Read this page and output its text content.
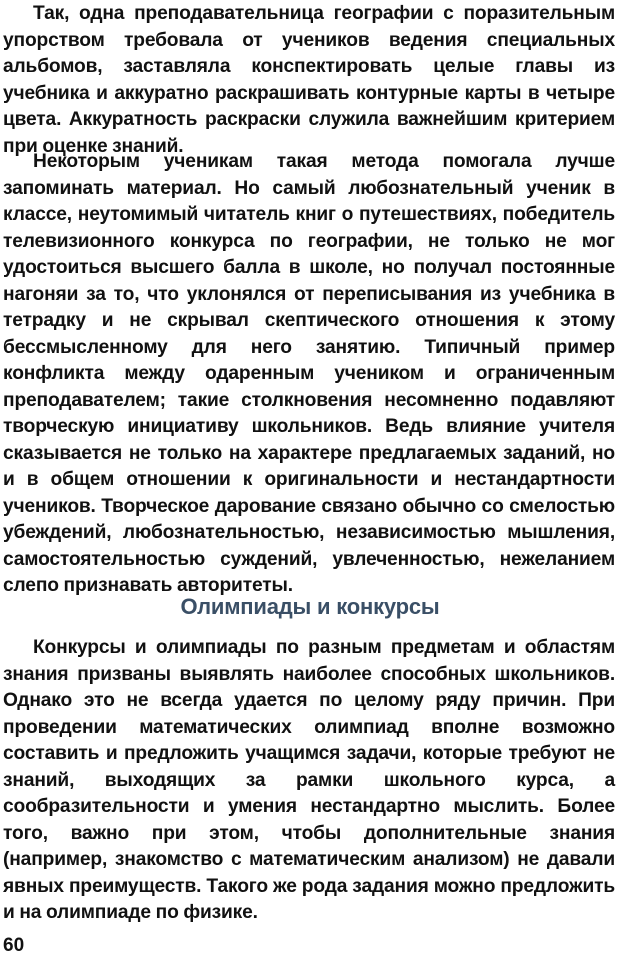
Так, одна преподавательница географии с поразительным упорством требовала от учеников ведения специальных альбомов, заставляла конспектировать целые главы из учебника и аккуратно раскрашивать контурные карты в четыре цвета. Аккуратность раскраски служила важнейшим критерием при оценке знаний.

Некоторым ученикам такая метода помогала лучше запоминать материал. Но самый любознательный ученик в классе, неутомимый читатель книг о путешествиях, победитель телевизионного конкурса по географии, не только не мог удостоиться высшего балла в школе, но получал постоянные нагоняи за то, что уклонялся от переписывания из учебника в тетрадку и не скрывал скептического отношения к этому бессмысленному для него занятию. Типичный пример конфликта между одаренным учеником и ограниченным преподавателем; такие столкновения несомненно подавляют творческую инициативу школьников. Ведь влияние учителя сказывается не только на характере предлагаемых заданий, но и в общем отношении к оригинальности и нестандартности учеников. Творческое дарование связано обычно со смелостью убеждений, любознательностью, независимостью мышления, самостоятельностью суждений, увлеченностью, нежеланием слепо признавать авторитеты.

Олимпиады и конкурсы

Конкурсы и олимпиады по разным предметам и областям знания призваны выявлять наиболее способных школьников. Однако это не всегда удается по целому ряду причин. При проведении математических олимпиад вполне возможно составить и предложить учащимся задачи, которые требуют не знаний, выходящих за рамки школьного курса, а сообразительности и умения нестандартно мыслить. Более того, важно при этом, чтобы дополнительные знания (например, знакомство с математическим анализом) не давали явных преимуществ. Такого же рода задания можно предложить и на олимпиаде по физике.

60
